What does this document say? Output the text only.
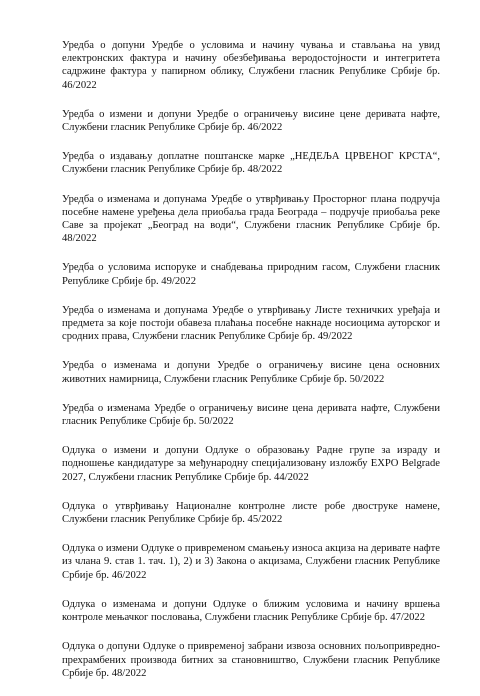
Уредба о допуни Уредбе о условима и начину чувања и стављања на увид електронских фактура и начину обезбеђивања веродостојности и интегритета садржине фактура у папирном облику, Службени гласник Републике Србије бр. 46/2022

Уредба о измени и допуни Уредбе о ограничењу висине цене деривата нафте, Службени гласник Републике Србије бр. 46/2022

Уредба о издавању доплатне поштанске марке „НЕДЕЉА ЦРВЕНОГ КРСТА“, Службени гласник Републике Србије бр. 48/2022

Уредба о изменама и допунама Уредбе о утврђивању Просторног плана подручја посебне намене уређења дела приобаља града Београда – подручје приобаља реке Саве за пројекат „Београд на води“, Службени гласник Републике Србије бр. 48/2022

Уредба о условима испоруке и снабдевања природним гасом, Службени гласник Републике Србије бр. 49/2022

Уредба о изменама и допунама Уредбе о утврђивању Листе техничких уређаја и предмета за које постоји обавеза плаћања посебне накнаде носиоцима ауторског и сродних права, Службени гласник Републике Србије бр. 49/2022

Уредба о изменама и допуни Уредбе о ограничењу висине цена основних животних намирница, Службени гласник Републике Србије бр. 50/2022

Уредба о изменама Уредбе о ограничењу висине цена деривата нафте, Службени гласник Републике Србије бр. 50/2022

Одлука о измени и допуни Одлуке о образовању Радне групе за израду и подношење кандидатуре за међународну специјализовану изложбу EXPO Belgrade 2027, Службени гласник Републике Србије бр. 44/2022

Одлука о утврђивању Националне контролне листе робе двоструке намене, Службени гласник Републике Србије бр. 45/2022

Одлука о измени Одлуке о привременом смањењу износа акциза на деривате нафте из члана 9. став 1. тач. 1), 2) и 3) Закона о акцизама, Службени гласник Републике Србије бр. 46/2022

Одлука о изменама и допуни Одлуке о ближим условима и начину вршења контроле мењачког пословања, Службени гласник Републике Србије бр. 47/2022

Одлука о допуни Одлуке о привременој забрани извоза основних пољопривредно-прехрамбених производа битних за становништво, Службени гласник Републике Србије бр. 48/2022
